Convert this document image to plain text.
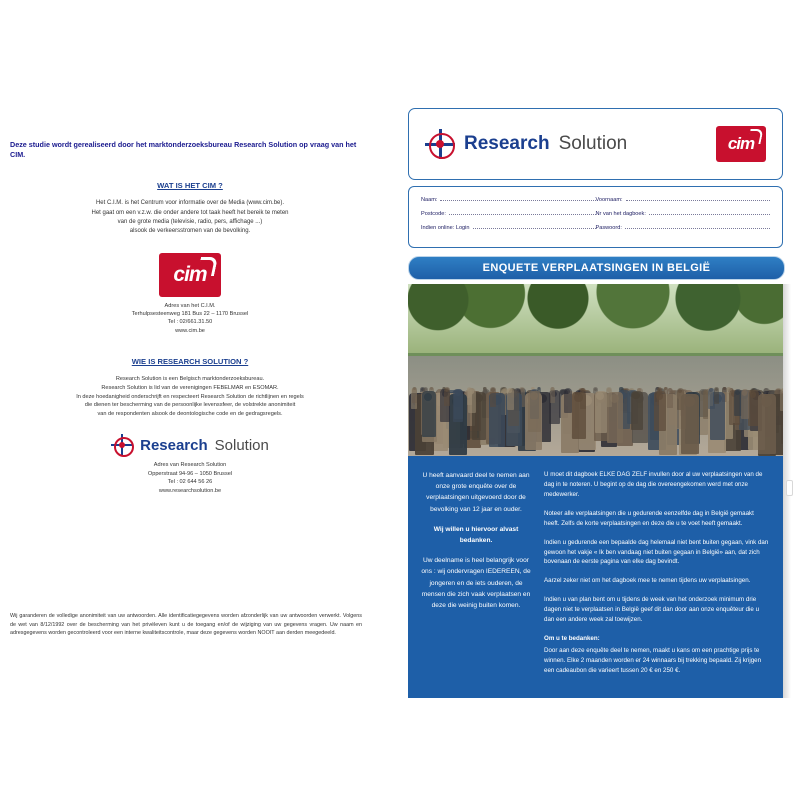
Deze studie wordt gerealiseerd door het marktonderzoeksbureau Research Solution op vraag van het CIM.
WAT IS HET CIM ?
Het C.I.M. is het Centrum voor informatie over de Media (www.cim.be).
Het gaat om een v.z.w. die onder andere tot taak heeft het bereik te meten
van de grote media (televisie, radio, pers, affichage ...)
alsook de verkeersstromen van de bevolking.
cim
Adres van het C.I.M.
Terhulpsesteenweg 181 Bus 22 – 1170 Brussel
Tel : 02/661.31.50
www.cim.be
WIE IS RESEARCH SOLUTION ?
Research Solution is een Belgisch marktonderzoeksbureau.
Research Solution is lid van de verenigingen FEBELMAR en ESOMAR.
In deze hoedanigheid onderschrijft en respecteert Research Solution de richtlijnen en regels
die dienen ter bescherming van de persoonlijke levenssfeer, de volstrekte anonimiteit
van de respondenten alsook de deontologische code en de gedragsregels.
Research Solution
Adres van Research Solution
Opperstraat 94-96 – 1050 Brussel
Tel : 02 644 56 26
www.researchsolution.be
Wij garanderen de volledige anonimiteit van uw antwoorden. Alle identificatiegegevens worden afzonderlijk van uw antwoorden verwerkt. Volgens de wet van 8/12/1992 over de bescherming van het privéleven kunt u de toegang en/of de wijziging van uw gegevens vragen. Uw naam en adresgegevens worden gecontroleerd voor een interne kwaliteitscontrole, maar deze gegevens worden NOOIT aan derden meegedeeld.
Research Solution	cim
Naam:	Voornaam:
Postcode:	Nr van het dagboek:
Indien online: Login	Paswoord:
ENQUETE VERPLAATSINGEN IN BELGIË
U heeft aanvaard deel te nemen aan onze grote enquête over de verplaatsingen uitgevoerd door de bevolking van 12 jaar en ouder.
Wij willen u hiervoor alvast bedanken.
Uw deelname is heel belangrijk voor ons : wij ondervragen IEDEREEN, de jongeren en de iets ouderen, de mensen die zich vaak verplaatsen en deze die weinig buiten komen.

U moet dit dagboek ELKE DAG ZELF invullen door al uw verplaatsingen van de dag in te noteren. U begint op de dag die overeengekomen werd met onze medewerker.

Noteer alle verplaatsingen die u gedurende eenzelfde dag in België gemaakt heeft. Zelfs de korte verplaatsingen en deze die u te voet heeft gemaakt.

Indien u gedurende een bepaalde dag helemaal niet bent buiten gegaan, vink dan gewoon het vakje « Ik ben vandaag niet buiten gegaan in België» aan, dat zich bovenaan de eerste pagina van elke dag bevindt.

Aarzel zeker niet om het dagboek mee te nemen tijdens uw verplaatsingen.

Indien u van plan bent om u tijdens de week van het onderzoek minimum drie dagen niet te verplaatsen in België geef dit dan door aan onze enquêteur die u dan een andere week zal toewijzen.

Om u te bedanken:

Door aan deze enquête deel te nemen, maakt u kans om een prachtige prijs te winnen. Elke 2 maanden worden er 24 winnaars bij trekking bepaald. Zij krijgen een cadeaubon die varieert tussen 20 € en 250 €.
